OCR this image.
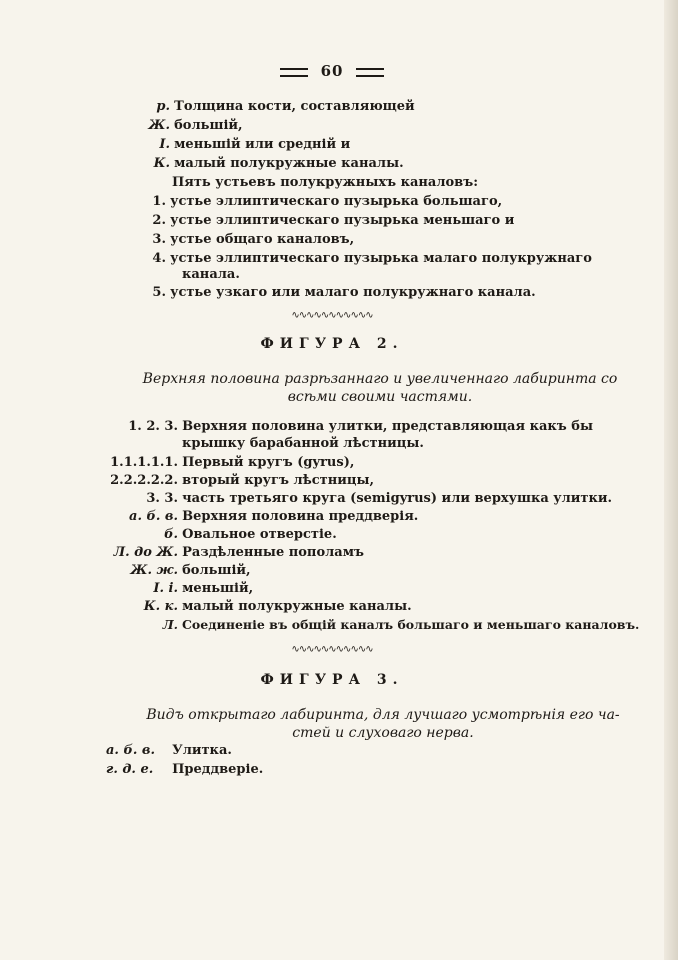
60
p. Толщина кости, составляющей
Ж. большій,
I. меньшій или средній и
К. малый полукружные каналы.
Пять устьевъ полукружныхъ каналовъ:
1. устье эллиптическаго пузырька большаго,
2. устье эллиптическаго пузырька меньшаго и
3. устье общаго каналовъ,
4. устье эллиптическаго пузырька малаго полукружнаго
канала.
5. устье узкаго или малаго полукружнаго канала.
∿∿∿∿∿∿∿∿∿∿∿
ФИГУРА 2.
Верхняя половина разрѣзаннаго и увеличеннаго лабиринта со
всѣми своими частями.
1. 2. 3. Верхняя половина улитки, представляющая какъ бы
крышку барабанной лѣстницы.
1.1.1.1.1. Первый кругъ (gyrus),
2.2.2.2.2. вторый кругъ лѣстницы,
3. 3. часть третьяго круга (semigyrus) или верхушка улитки.
а. б. в. Верхняя половина преддверія.
б. Овальное отверстіе.
Л. до Ж. Раздѣленные пополамъ
Ж. ж. большій,
I. i. меньшій,
К. к. малый полукружные каналы.
Л. Соединеніе въ общій каналъ большаго и меньшаго каналовъ.
∿∿∿∿∿∿∿∿∿∿∿
ФИГУРА 3.
Видъ открытаго лабиринта, для лучшаго усмотрѣнія его ча-
стей и слуховаго нерва.
а. б. в. Улитка.
г. д. е. Преддверіе.
